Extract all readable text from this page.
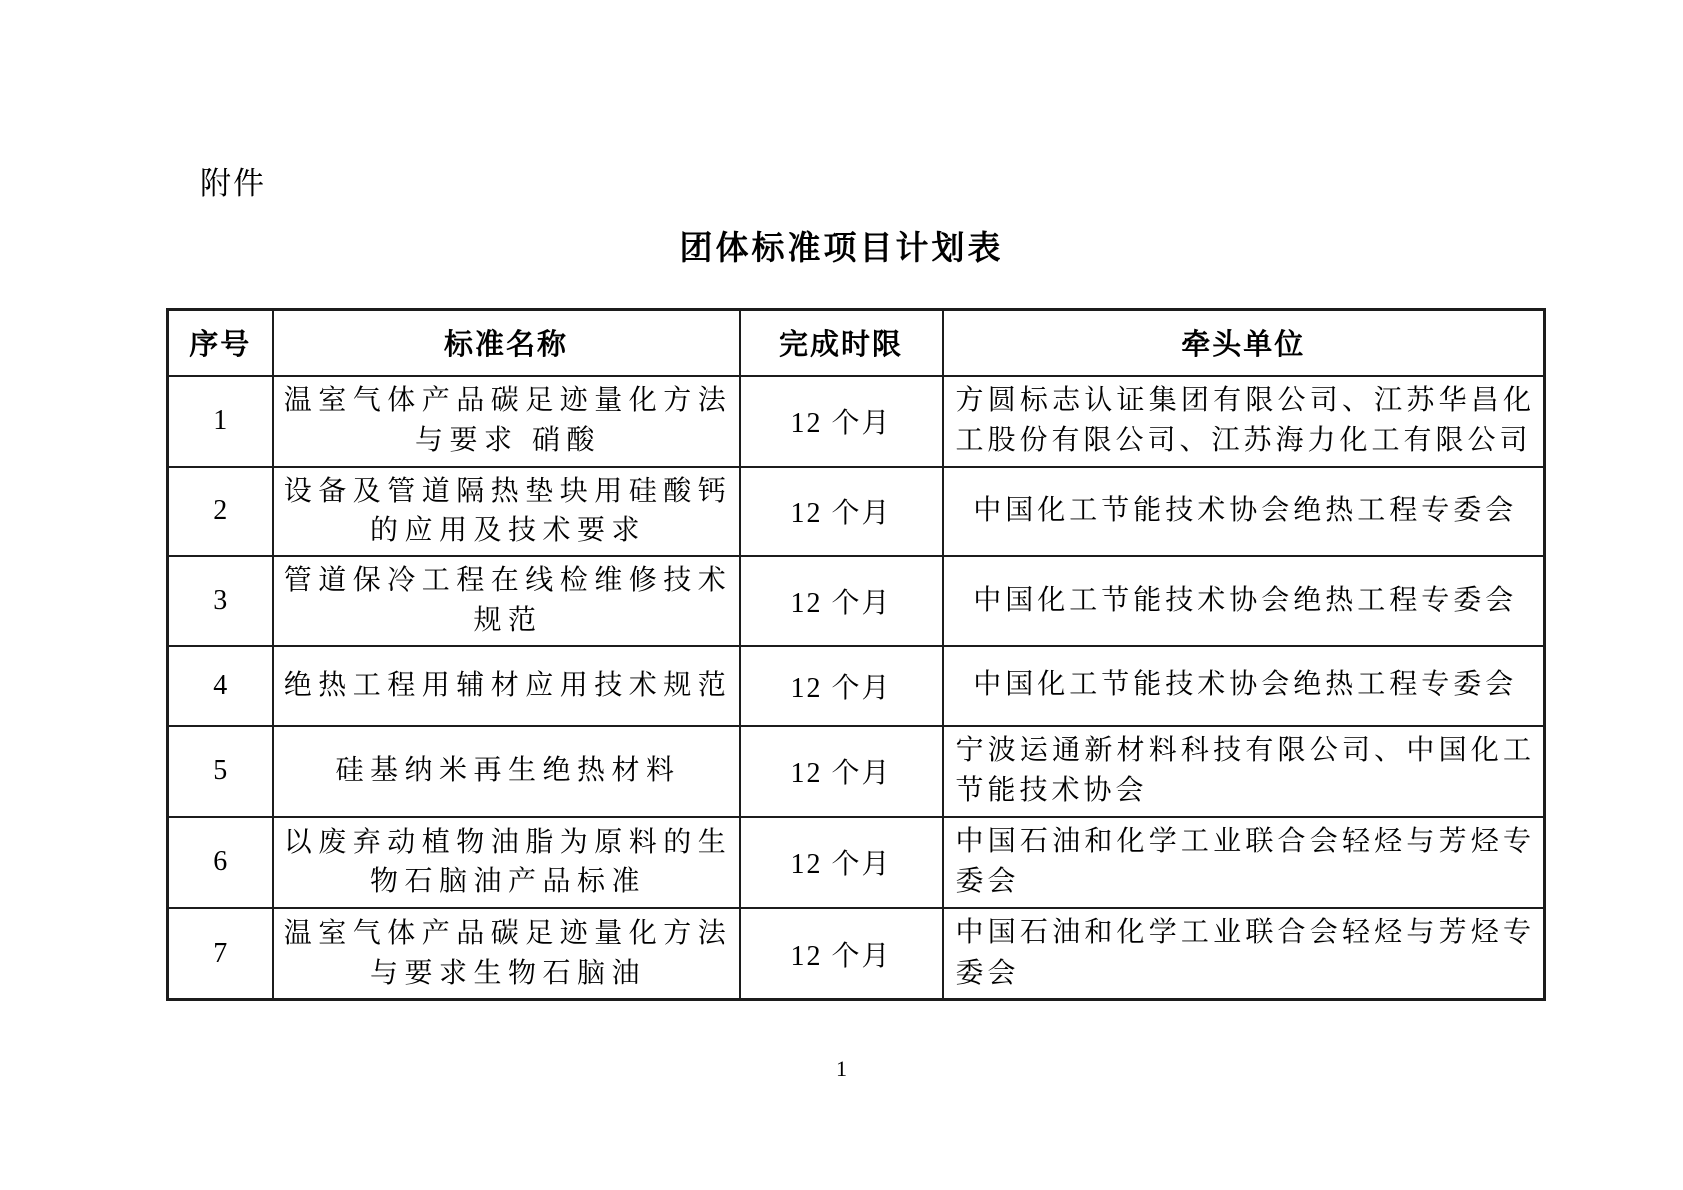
附件
团体标准项目计划表
序号	标准名称	完成时限	牵头单位
1	温室气体产品碳足迹量化方法与要求 硝酸	12 个月	方圆标志认证集团有限公司、江苏华昌化工股份有限公司、江苏海力化工有限公司
2	设备及管道隔热垫块用硅酸钙的应用及技术要求	12 个月	中国化工节能技术协会绝热工程专委会
3	管道保冷工程在线检维修技术规范	12 个月	中国化工节能技术协会绝热工程专委会
4	绝热工程用辅材应用技术规范	12 个月	中国化工节能技术协会绝热工程专委会
5	硅基纳米再生绝热材料	12 个月	宁波运通新材料科技有限公司、中国化工节能技术协会
6	以废弃动植物油脂为原料的生物石脑油产品标准	12 个月	中国石油和化学工业联合会轻烃与芳烃专委会
7	温室气体产品碳足迹量化方法与要求生物石脑油	12 个月	中国石油和化学工业联合会轻烃与芳烃专委会
1
